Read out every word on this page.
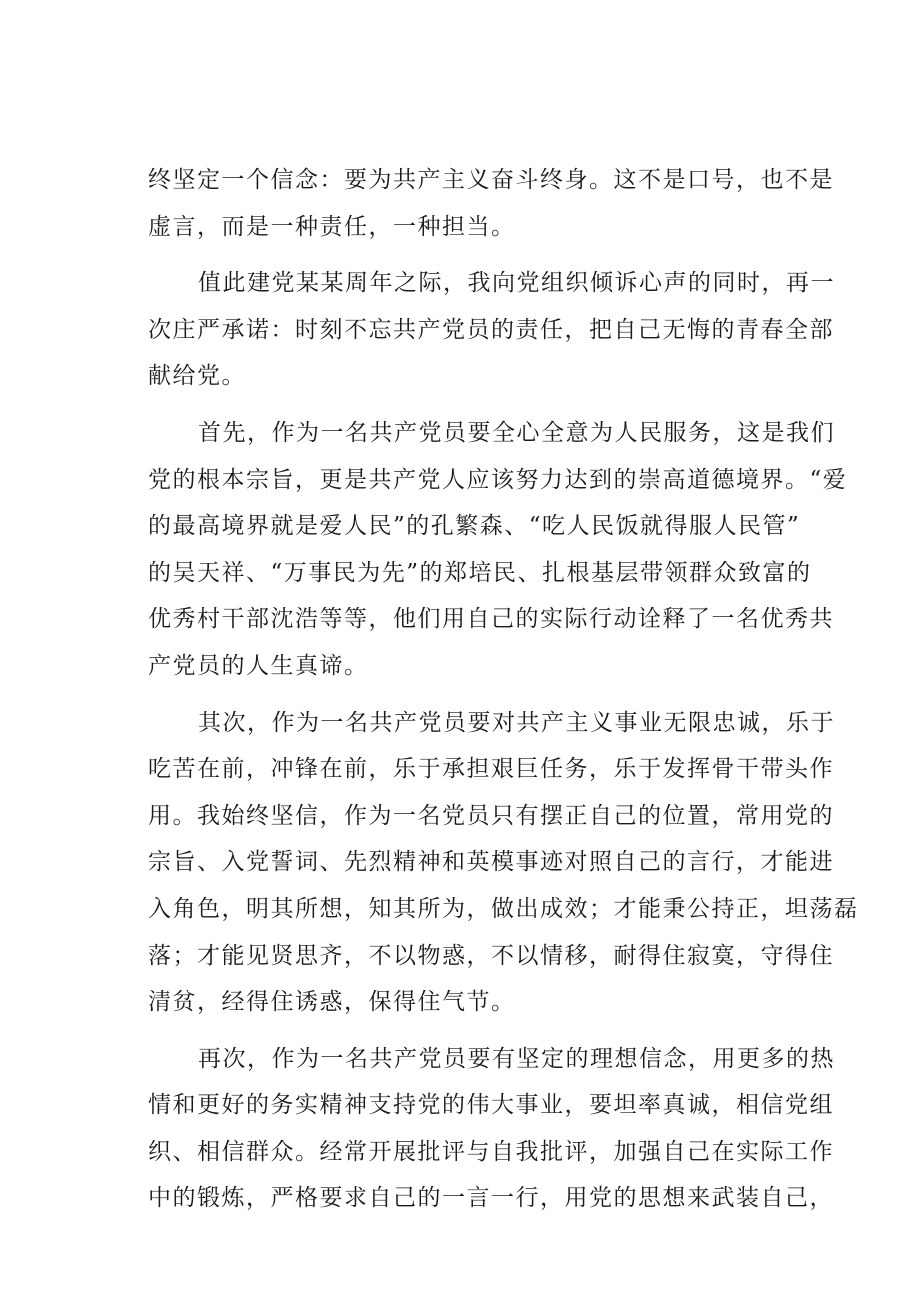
终坚定一个信念：要为共产主义奋斗终身。这不是口号，也不是
虚言，而是一种责任，一种担当。
值此建党某某周年之际，我向党组织倾诉心声的同时，再一
次庄严承诺：时刻不忘共产党员的责任，把自己无悔的青春全部
献给党。
首先，作为一名共产党员要全心全意为人民服务，这是我们
党的根本宗旨，更是共产党人应该努力达到的崇高道德境界。“爱
的最高境界就是爱人民”的孔繁森、“吃人民饭就得服人民管”
的吴天祥、“万事民为先”的郑培民、扎根基层带领群众致富的
优秀村干部沈浩等等，他们用自己的实际行动诠释了一名优秀共
产党员的人生真谛。
其次，作为一名共产党员要对共产主义事业无限忠诚，乐于
吃苦在前，冲锋在前，乐于承担艰巨任务，乐于发挥骨干带头作
用。我始终坚信，作为一名党员只有摆正自己的位置，常用党的
宗旨、入党誓词、先烈精神和英模事迹对照自己的言行，才能进
入角色，明其所想，知其所为，做出成效；才能秉公持正，坦荡磊
落；才能见贤思齐，不以物惑，不以情移，耐得住寂寞，守得住
清贫，经得住诱惑，保得住气节。
再次，作为一名共产党员要有坚定的理想信念，用更多的热
情和更好的务实精神支持党的伟大事业，要坦率真诚，相信党组
织、相信群众。经常开展批评与自我批评，加强自己在实际工作
中的锻炼，严格要求自己的一言一行，用党的思想来武装自己，
